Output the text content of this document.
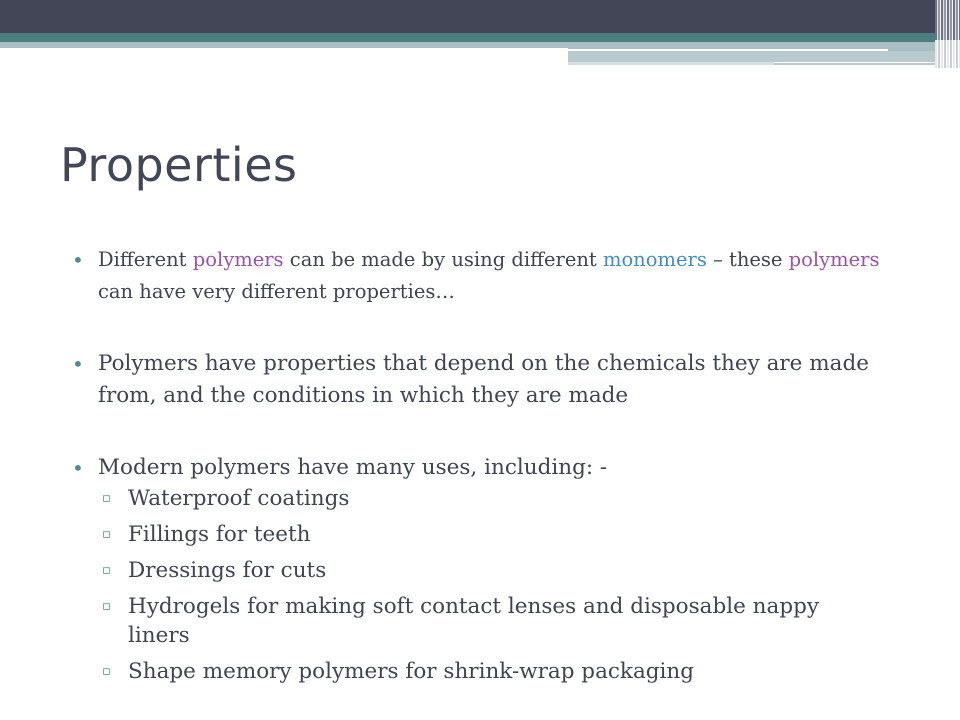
Properties
• Different polymers can be made by using different monomers – these polymers can have very different properties…
• Polymers have properties that depend on the chemicals they are made from, and the conditions in which they are made
• Modern polymers have many uses, including: -
▫ Waterproof coatings
▫ Fillings for teeth
▫ Dressings for cuts
▫ Hydrogels for making soft contact lenses and disposable nappy liners
▫ Shape memory polymers for shrink-wrap packaging
